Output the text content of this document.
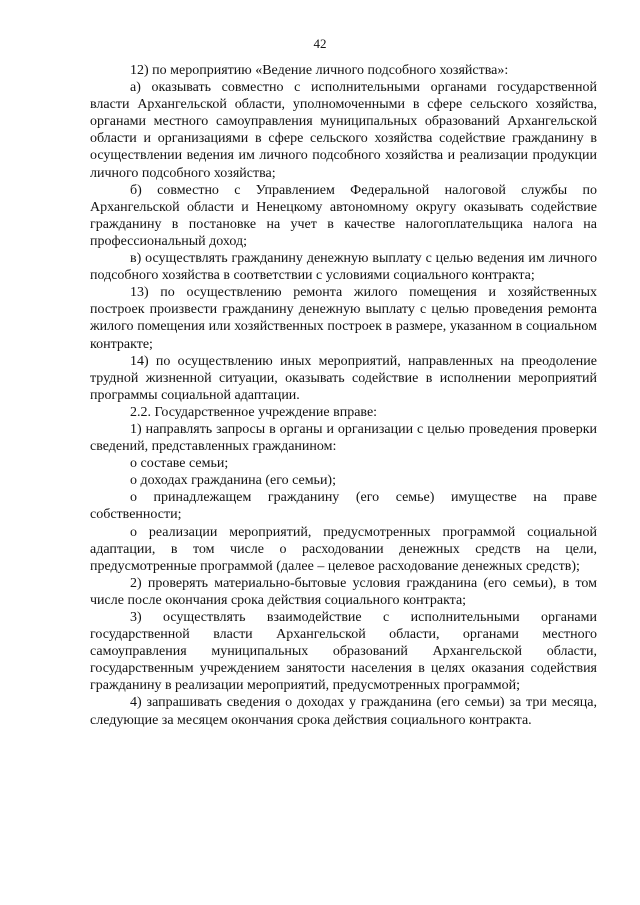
42

12) по мероприятию «Ведение личного подсобного хозяйства»:

а) оказывать совместно с исполнительными органами государственной власти Архангельской области, уполномоченными в сфере сельского хозяйства, органами местного самоуправления муниципальных образований Архангельской области и организациями в сфере сельского хозяйства содействие гражданину в осуществлении ведения им личного подсобного хозяйства и реализации продукции личного подсобного хозяйства;

б) совместно с Управлением Федеральной налоговой службы по Архангельской области и Ненецкому автономному округу оказывать содействие гражданину в постановке на учет в качестве налогоплательщика налога на профессиональный доход;

в) осуществлять гражданину денежную выплату с целью ведения им личного подсобного хозяйства в соответствии с условиями социального контракта;

13) по осуществлению ремонта жилого помещения и хозяйственных построек произвести гражданину денежную выплату с целью проведения ремонта жилого помещения или хозяйственных построек в размере, указанном в социальном контракте;

14) по осуществлению иных мероприятий, направленных на преодоление трудной жизненной ситуации, оказывать содействие в исполнении мероприятий программы социальной адаптации.

2.2. Государственное учреждение вправе:

1) направлять запросы в органы и организации с целью проведения проверки сведений, представленных гражданином:

о составе семьи;

о доходах гражданина (его семьи);

о принадлежащем гражданину (его семье) имуществе на праве собственности;

о реализации мероприятий, предусмотренных программой социальной адаптации, в том числе о расходовании денежных средств на цели, предусмотренные программой (далее – целевое расходование денежных средств);

2) проверять материально-бытовые условия гражданина (его семьи), в том числе после окончания срока действия социального контракта;

3) осуществлять взаимодействие с исполнительными органами государственной власти Архангельской области, органами местного самоуправления муниципальных образований Архангельской области, государственным учреждением занятости населения в целях оказания содействия гражданину в реализации мероприятий, предусмотренных программой;

4) запрашивать сведения о доходах у гражданина (его семьи) за три месяца, следующие за месяцем окончания срока действия социального контракта.
